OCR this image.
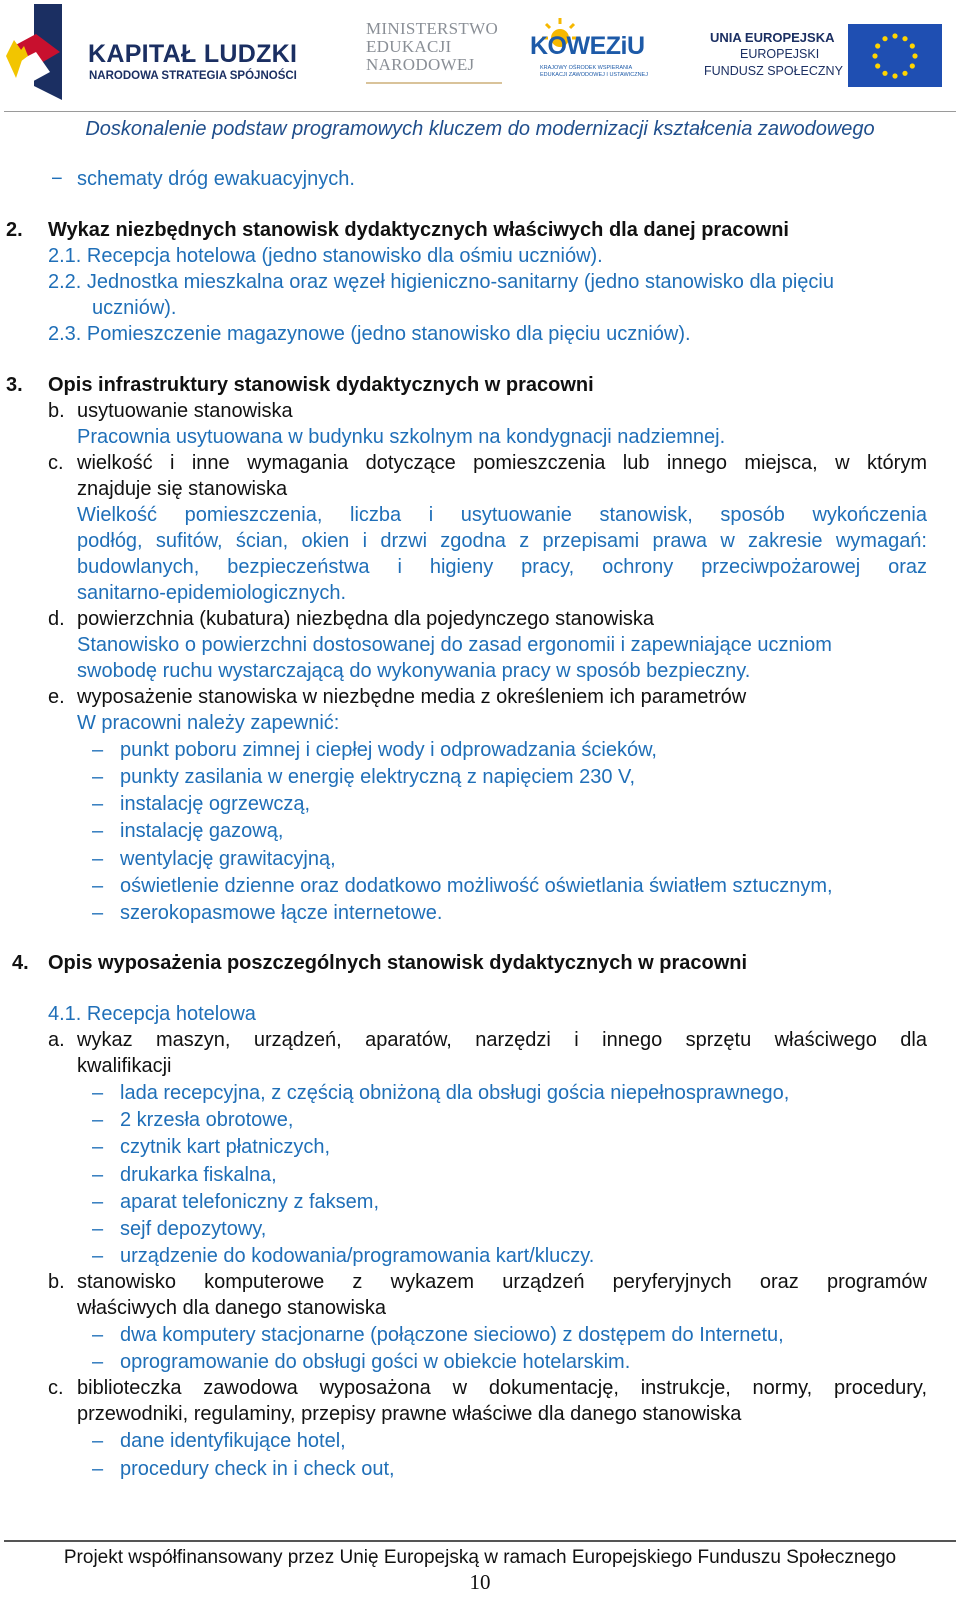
KAPITAŁ LUDZKI
NARODOWA STRATEGIA SPÓJNOŚCI
MINISTERSTWO
EDUKACJI
NARODOWEJ
KOWEZiU
KRAJOWY OŚRODEK WSPIERANIA
EDUKACJI ZAWODOWEJ I USTAWICZNEJ
UNIA EUROPEJSKA
EUROPEJSKI
FUNDUSZ SPOŁECZNY
Doskonalenie podstaw programowych kluczem do modernizacji kształcenia zawodowego
− schematy dróg ewakuacyjnych.
2. Wykaz niezbędnych stanowisk dydaktycznych właściwych dla danej pracowni
2.1. Recepcja hotelowa (jedno stanowisko dla ośmiu uczniów).
2.2. Jednostka mieszkalna oraz węzeł higieniczno-sanitarny (jedno stanowisko dla pięciu
uczniów).
2.3. Pomieszczenie magazynowe (jedno stanowisko dla pięciu uczniów).
3. Opis infrastruktury stanowisk dydaktycznych w pracowni
b. usytuowanie stanowiska
Pracownia usytuowana w budynku szkolnym na kondygnacji nadziemnej.
c. wielkość i inne wymagania dotyczące pomieszczenia lub innego miejsca, w którym
znajduje się stanowiska
Wielkość pomieszczenia, liczba i usytuowanie stanowisk, sposób wykończenia
podłóg, sufitów, ścian, okien i drzwi zgodna z przepisami prawa w zakresie wymagań:
budowlanych, bezpieczeństwa i higieny pracy, ochrony przeciwpożarowej oraz
sanitarno-epidemiologicznych.
d. powierzchnia (kubatura) niezbędna dla pojedynczego stanowiska
Stanowisko o powierzchni dostosowanej do zasad ergonomii i zapewniające uczniom
swobodę ruchu wystarczającą do wykonywania pracy w sposób bezpieczny.
e. wyposażenie stanowiska w niezbędne media z określeniem ich parametrów
W pracowni należy zapewnić:
– punkt poboru zimnej i ciepłej wody i odprowadzania ścieków,
– punkty zasilania w energię elektryczną z napięciem 230 V,
– instalację ogrzewczą,
– instalację gazową,
– wentylację grawitacyjną,
– oświetlenie dzienne oraz dodatkowo możliwość oświetlania światłem sztucznym,
– szerokopasmowe łącze internetowe.
4. Opis wyposażenia poszczególnych stanowisk dydaktycznych w pracowni
4.1. Recepcja hotelowa
a. wykaz maszyn, urządzeń, aparatów, narzędzi i innego sprzętu właściwego dla
kwalifikacji
– lada recepcyjna, z częścią obniżoną dla obsługi gościa niepełnosprawnego,
– 2 krzesła obrotowe,
– czytnik kart płatniczych,
– drukarka fiskalna,
– aparat telefoniczny z faksem,
– sejf depozytowy,
– urządzenie do kodowania/programowania kart/kluczy.
b. stanowisko komputerowe z wykazem urządzeń peryferyjnych oraz programów
właściwych dla danego stanowiska
– dwa komputery stacjonarne (połączone sieciowo) z dostępem do Internetu,
– oprogramowanie do obsługi gości w obiekcie hotelarskim.
c. biblioteczka zawodowa wyposażona w dokumentację, instrukcje, normy, procedury,
przewodniki, regulaminy, przepisy prawne właściwe dla danego stanowiska
– dane identyfikujące hotel,
– procedury check in i check out,
Projekt współfinansowany przez Unię Europejską w ramach Europejskiego Funduszu Społecznego
10
